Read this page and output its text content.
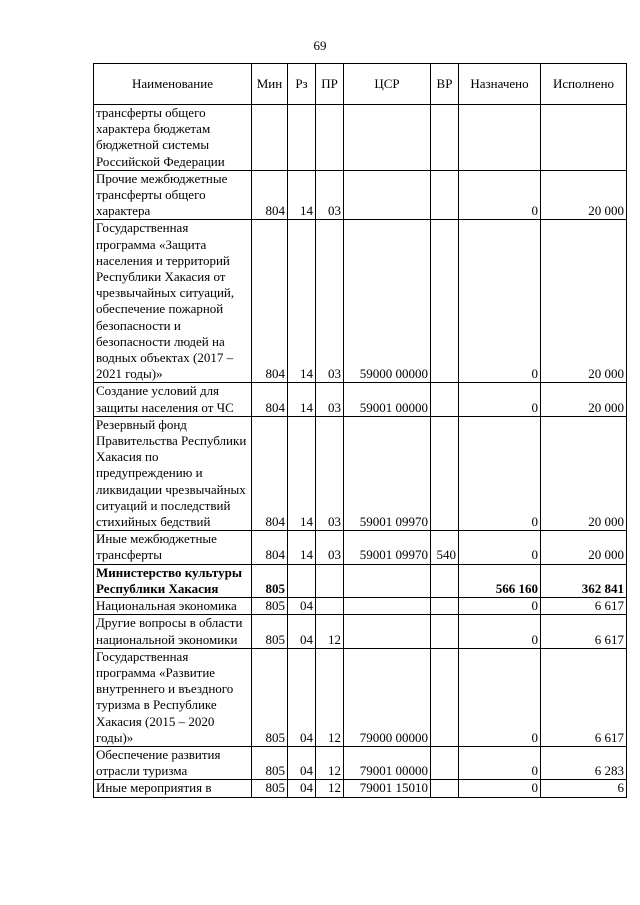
69
Наименование	Мин	Рз	ПР	ЦСР	ВР	Назначено	Исполнено
трансферты общего характера бюджетам бюджетной системы Российской Федерации							
Прочие межбюджетные трансферты общего характера	804	14	03			0	20 000
Государственная программа «Защита населения и территорий Республики Хакасия от чрезвычайных ситуаций, обеспечение пожарной безопасности и безопасности людей на водных объектах (2017 – 2021 годы)»	804	14	03	59000 00000		0	20 000
Создание условий для защиты населения от ЧС	804	14	03	59001 00000		0	20 000
Резервный фонд Правительства Республики Хакасия по предупреждению и ликвидации чрезвычайных ситуаций и последствий стихийных бедствий	804	14	03	59001 09970		0	20 000
Иные межбюджетные трансферты	804	14	03	59001 09970	540	0	20 000
Министерство культуры Республики Хакасия	805					566 160	362 841
Национальная экономика	805	04				0	6 617
Другие вопросы в области национальной экономики	805	04	12			0	6 617
Государственная программа «Развитие внутреннего и въездного туризма в Республике Хакасия (2015 – 2020 годы)»	805	04	12	79000 00000		0	6 617
Обеспечение развития отрасли туризма	805	04	12	79001 00000		0	6 283
Иные мероприятия в	805	04	12	79001 15010		0	6
